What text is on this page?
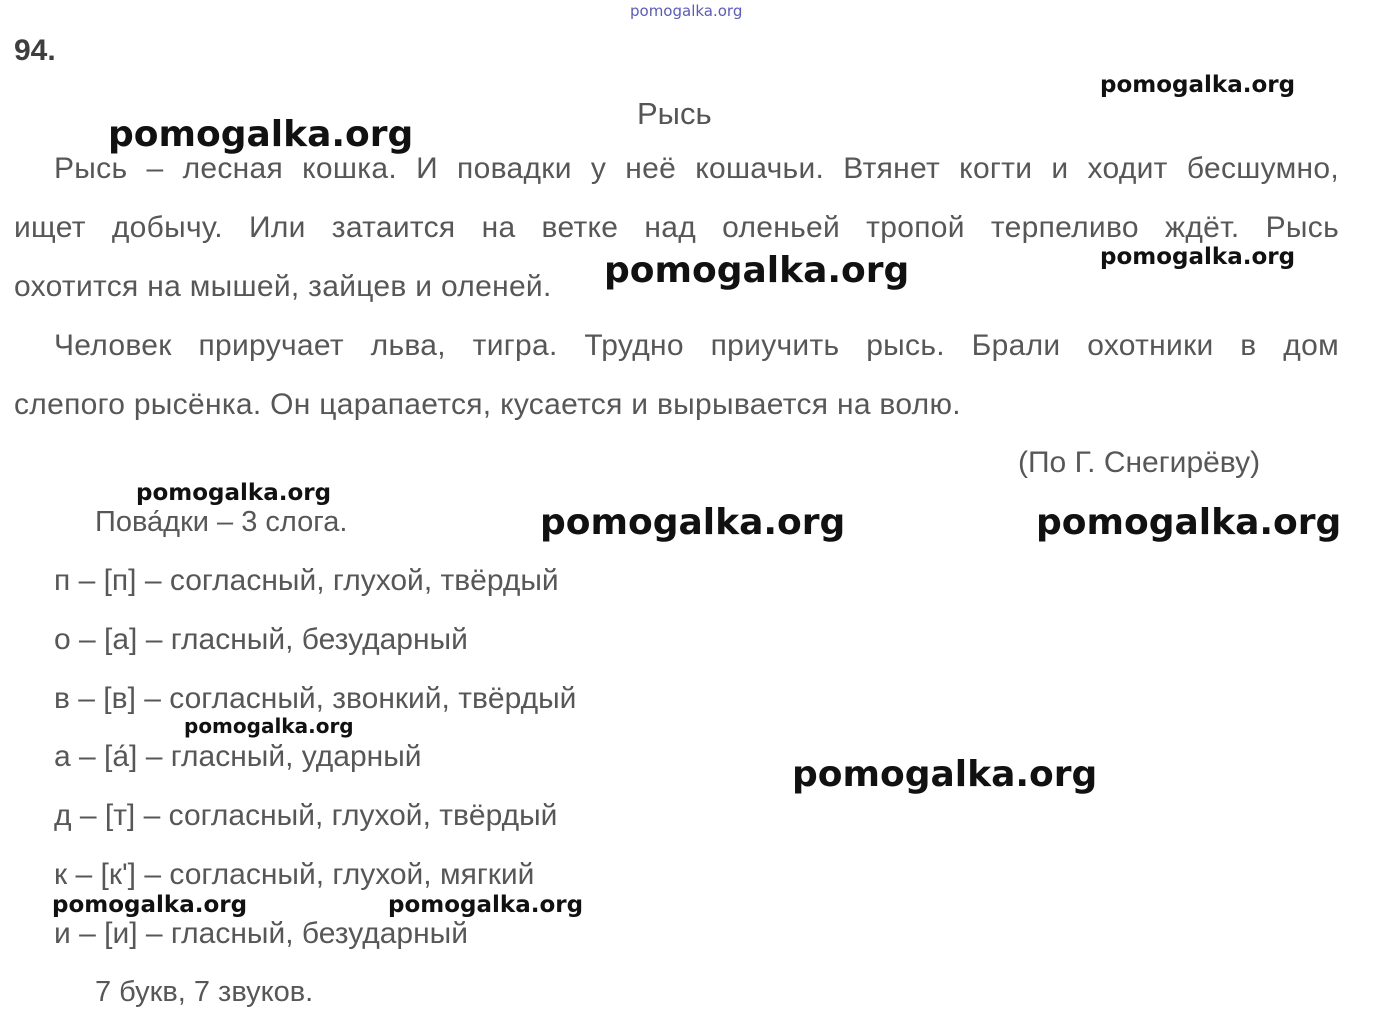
94.
Рысь
Рысь – лесная кошка. И повадки у неё кошачьи. Втянет когти и ходит бесшумно,
ищет добычу. Или затаится на ветке над оленьей тропой терпеливо ждёт. Рысь
охотится на мышей, зайцев и оленей.
Человек приручает льва, тигра. Трудно приучить рысь. Брали охотники в дом
слепого рысёнка. Он царапается, кусается и вырывается на волю.
(По Г. Снегирёву)
Пова́дки – 3 слога.
п – [п] – согласный, глухой, твёрдый
о – [а] – гласный, безударный
в – [в] – согласный, звонкий, твёрдый
а – [а́] – гласный, ударный
д – [т] – согласный, глухой, твёрдый
к – [к'] – согласный, глухой, мягкий
и – [и] – гласный, безударный
7 букв, 7 звуков.
pomogalka.org
pomogalka.org
pomogalka.org
pomogalka.org
pomogalka.org
pomogalka.org
pomogalka.org	pomogalka.org
pomogalka.org
pomogalka.org
pomogalka.org	pomogalka.org
